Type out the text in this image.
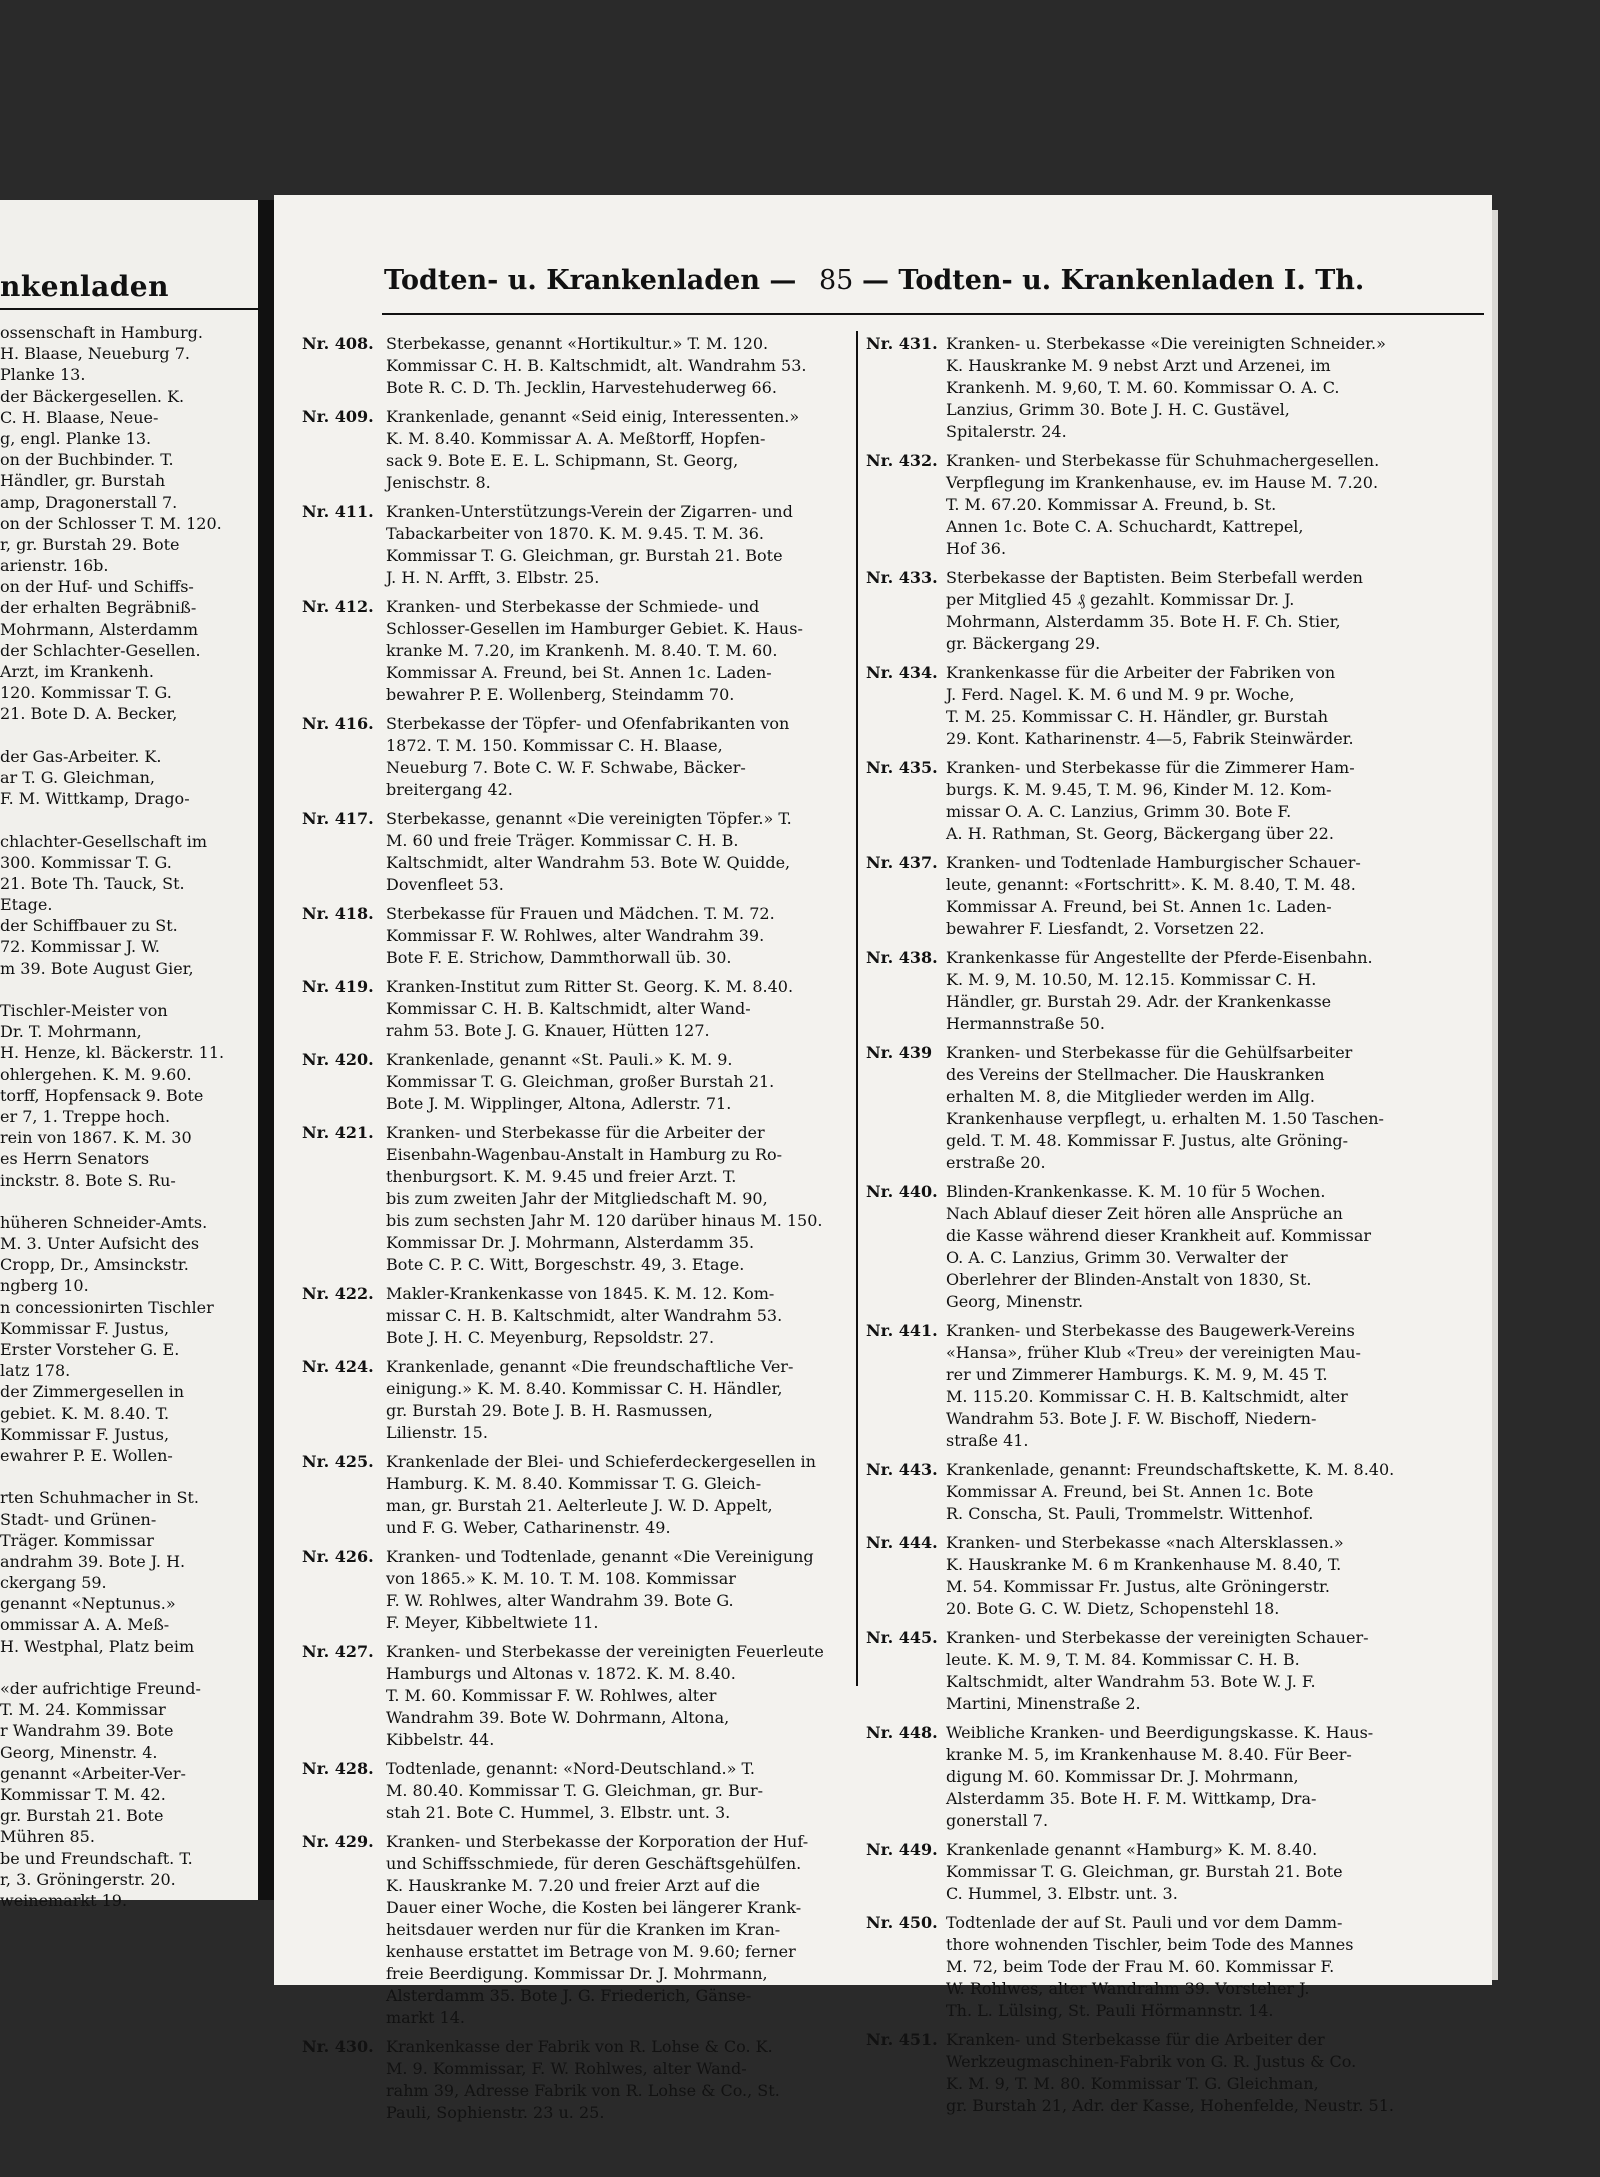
nkenladen
ossenschaft in Hamburg.
H. Blaase, Neueburg 7.
Planke 13.
der Bäckergesellen. K.
C. H. Blaase, Neue-
g, engl. Planke 13.
on der Buchbinder. T.
Händler, gr. Burstah
amp, Dragonerstall 7.
on der Schlosser T. M. 120.
r, gr. Burstah 29. Bote
arienstr. 16b.
on der Huf- und Schiffs-
der erhalten Begräbniß-
Mohrmann, Alsterdamm
der Schlachter-Gesellen.
Arzt, im Krankenh.
120. Kommissar T. G.
21. Bote D. A. Becker,
der Gas-Arbeiter. K.
ar T. G. Gleichman,
F. M. Wittkamp, Drago-
chlachter-Gesellschaft im
300. Kommissar T. G.
21. Bote Th. Tauck, St.
Etage.
der Schiffbauer zu St.
72. Kommissar J. W.
m 39. Bote August Gier,
Tischler-Meister von
Dr. T. Mohrmann,
H. Henze, kl. Bäckerstr. 11.
ohlergehen. K. M. 9.60.
torff, Hopfensack 9. Bote
er 7, 1. Treppe hoch.
rein von 1867. K. M. 30
es Herrn Senators
inckstr. 8. Bote S. Ru-
hüheren Schneider-Amts.
M. 3. Unter Aufsicht des
Cropp, Dr., Amsinckstr.
ngberg 10.
n concessionirten Tischler
Kommissar F. Justus,
Erster Vorsteher G. E.
latz 178.
der Zimmergesellen in
gebiet. K. M. 8.40. T.
Kommissar F. Justus,
ewahrer P. E. Wollen-
rten Schuhmacher in St.
Stadt- und Grünen-
Träger. Kommissar
andrahm 39. Bote J. H.
ckergang 59.
genannt «Neptunus.»
ommissar A. A. Meß-
H. Westphal, Platz beim
«der aufrichtige Freund-
T. M. 24. Kommissar
r Wandrahm 39. Bote
Georg, Minenstr. 4.
genannt «Arbeiter-Ver-
Kommissar T. M. 42.
gr. Burstah 21. Bote
Mühren 85.
be und Freundschaft. T.
r, 3. Gröningerstr. 20.
weinemarkt 19.
Todten- u. Krankenladen — 85 — Todten- u. Krankenladen I. Th.
Nr. 408. Sterbekasse, genannt «Hortikultur.» T. M. 120.
Kommissar C. H. B. Kaltschmidt, alt. Wandrahm 53.
Bote R. C. D. Th. Jecklin, Harvestehuderweg 66.
Nr. 409. Krankenlade, genannt «Seid einig, Interessenten.»
K. M. 8.40. Kommissar A. A. Meßtorff, Hopfen-
sack 9. Bote E. E. L. Schipmann, St. Georg,
Jenischstr. 8.
Nr. 411. Kranken-Unterstützungs-Verein der Zigarren- und
Tabackarbeiter von 1870. K. M. 9.45. T. M. 36.
Kommissar T. G. Gleichman, gr. Burstah 21. Bote
J. H. N. Arfft, 3. Elbstr. 25.
Nr. 412. Kranken- und Sterbekasse der Schmiede- und
Schlosser-Gesellen im Hamburger Gebiet. K. Haus-
kranke M. 7.20, im Krankenh. M. 8.40. T. M. 60.
Kommissar A. Freund, bei St. Annen 1c. Laden-
bewahrer P. E. Wollenberg, Steindamm 70.
Nr. 416. Sterbekasse der Töpfer- und Ofenfabrikanten von
1872. T. M. 150. Kommissar C. H. Blaase,
Neueburg 7. Bote C. W. F. Schwabe, Bäcker-
breitergang 42.
Nr. 417. Sterbekasse, genannt «Die vereinigten Töpfer.» T.
M. 60 und freie Träger. Kommissar C. H. B.
Kaltschmidt, alter Wandrahm 53. Bote W. Quidde,
Dovenfleet 53.
Nr. 418. Sterbekasse für Frauen und Mädchen. T. M. 72.
Kommissar F. W. Rohlwes, alter Wandrahm 39.
Bote F. E. Strichow, Dammthorwall üb. 30.
Nr. 419. Kranken-Institut zum Ritter St. Georg. K. M. 8.40.
Kommissar C. H. B. Kaltschmidt, alter Wand-
rahm 53. Bote J. G. Knauer, Hütten 127.
Nr. 420. Krankenlade, genannt «St. Pauli.» K. M. 9.
Kommissar T. G. Gleichman, großer Burstah 21.
Bote J. M. Wipplinger, Altona, Adlerstr. 71.
Nr. 421. Kranken- und Sterbekasse für die Arbeiter der
Eisenbahn-Wagenbau-Anstalt in Hamburg zu Ro-
thenburgsort. K. M. 9.45 und freier Arzt. T.
bis zum zweiten Jahr der Mitgliedschaft M. 90,
bis zum sechsten Jahr M. 120 darüber hinaus M. 150.
Kommissar Dr. J. Mohrmann, Alsterdamm 35.
Bote C. P. C. Witt, Borgeschstr. 49, 3. Etage.
Nr. 422. Makler-Krankenkasse von 1845. K. M. 12. Kom-
missar C. H. B. Kaltschmidt, alter Wandrahm 53.
Bote J. H. C. Meyenburg, Repsoldstr. 27.
Nr. 424. Krankenlade, genannt «Die freundschaftliche Ver-
einigung.» K. M. 8.40. Kommissar C. H. Händler,
gr. Burstah 29. Bote J. B. H. Rasmussen,
Lilienstr. 15.
Nr. 425. Krankenlade der Blei- und Schieferdeckergesellen in
Hamburg. K. M. 8.40. Kommissar T. G. Gleich-
man, gr. Burstah 21. Aelterleute J. W. D. Appelt,
und F. G. Weber, Catharinenstr. 49.
Nr. 426. Kranken- und Todtenlade, genannt «Die Vereinigung
von 1865.» K. M. 10. T. M. 108. Kommissar
F. W. Rohlwes, alter Wandrahm 39. Bote G.
F. Meyer, Kibbeltwiete 11.
Nr. 427. Kranken- und Sterbekasse der vereinigten Feuerleute
Hamburgs und Altonas v. 1872. K. M. 8.40.
T. M. 60. Kommissar F. W. Rohlwes, alter
Wandrahm 39. Bote W. Dohrmann, Altona,
Kibbelstr. 44.
Nr. 428. Todtenlade, genannt: «Nord-Deutschland.» T.
M. 80.40. Kommissar T. G. Gleichman, gr. Bur-
stah 21. Bote C. Hummel, 3. Elbstr. unt. 3.
Nr. 429. Kranken- und Sterbekasse der Korporation der Huf-
und Schiffsschmiede, für deren Geschäftsgehülfen.
K. Hauskranke M. 7.20 und freier Arzt auf die
Dauer einer Woche, die Kosten bei längerer Krank-
heitsdauer werden nur für die Kranken im Kran-
kenhause erstattet im Betrage von M. 9.60; ferner
freie Beerdigung. Kommissar Dr. J. Mohrmann,
Alsterdamm 35. Bote J. G. Friederich, Gänse-
markt 14.
Nr. 430. Krankenkasse der Fabrik von R. Lohse & Co. K.
M. 9. Kommissar, F. W. Rohlwes, alter Wand-
rahm 39, Adresse Fabrik von R. Lohse & Co., St.
Pauli, Sophienstr. 23 u. 25.
Nr. 431. Kranken- u. Sterbekasse «Die vereinigten Schneider.»
K. Hauskranke M. 9 nebst Arzt und Arzenei, im
Krankenh. M. 9,60, T. M. 60. Kommissar O. A. C.
Lanzius, Grimm 30. Bote J. H. C. Gustävel,
Spitalerstr. 24.
Nr. 432. Kranken- und Sterbekasse für Schuhmachergesellen.
Verpflegung im Krankenhause, ev. im Hause M. 7.20.
T. M. 67.20. Kommissar A. Freund, b. St.
Annen 1c. Bote C. A. Schuchardt, Kattrepel,
Hof 36.
Nr. 433. Sterbekasse der Baptisten. Beim Sterbefall werden
per Mitglied 45 ₰ gezahlt. Kommissar Dr. J.
Mohrmann, Alsterdamm 35. Bote H. F. Ch. Stier,
gr. Bäckergang 29.
Nr. 434. Krankenkasse für die Arbeiter der Fabriken von
J. Ferd. Nagel. K. M. 6 und M. 9 pr. Woche,
T. M. 25. Kommissar C. H. Händler, gr. Burstah
29. Kont. Katharinenstr. 4—5, Fabrik Steinwärder.
Nr. 435. Kranken- und Sterbekasse für die Zimmerer Ham-
burgs. K. M. 9.45, T. M. 96, Kinder M. 12. Kom-
missar O. A. C. Lanzius, Grimm 30. Bote F.
A. H. Rathman, St. Georg, Bäckergang über 22.
Nr. 437. Kranken- und Todtenlade Hamburgischer Schauer-
leute, genannt: «Fortschritt». K. M. 8.40, T. M. 48.
Kommissar A. Freund, bei St. Annen 1c. Laden-
bewahrer F. Liesfandt, 2. Vorsetzen 22.
Nr. 438. Krankenkasse für Angestellte der Pferde-Eisenbahn.
K. M. 9, M. 10.50, M. 12.15. Kommissar C. H.
Händler, gr. Burstah 29. Adr. der Krankenkasse
Hermannstraße 50.
Nr. 439 Kranken- und Sterbekasse für die Gehülfsarbeiter
des Vereins der Stellmacher. Die Hauskranken
erhalten M. 8, die Mitglieder werden im Allg.
Krankenhause verpflegt, u. erhalten M. 1.50 Taschen-
geld. T. M. 48. Kommissar F. Justus, alte Gröning-
erstraße 20.
Nr. 440. Blinden-Krankenkasse. K. M. 10 für 5 Wochen.
Nach Ablauf dieser Zeit hören alle Ansprüche an
die Kasse während dieser Krankheit auf. Kommissar
O. A. C. Lanzius, Grimm 30. Verwalter der
Oberlehrer der Blinden-Anstalt von 1830, St.
Georg, Minenstr.
Nr. 441. Kranken- und Sterbekasse des Baugewerk-Vereins
«Hansa», früher Klub «Treu» der vereinigten Mau-
rer und Zimmerer Hamburgs. K. M. 9, M. 45 T.
M. 115.20. Kommissar C. H. B. Kaltschmidt, alter
Wandrahm 53. Bote J. F. W. Bischoff, Niedern-
straße 41.
Nr. 443. Krankenlade, genannt: Freundschaftskette, K. M. 8.40.
Kommissar A. Freund, bei St. Annen 1c. Bote
R. Conscha, St. Pauli, Trommelstr. Wittenhof.
Nr. 444. Kranken- und Sterbekasse «nach Altersklassen.»
K. Hauskranke M. 6 m Krankenhause M. 8.40, T.
M. 54. Kommissar Fr. Justus, alte Gröningerstr.
20. Bote G. C. W. Dietz, Schopenstehl 18.
Nr. 445. Kranken- und Sterbekasse der vereinigten Schauer-
leute. K. M. 9, T. M. 84. Kommissar C. H. B.
Kaltschmidt, alter Wandrahm 53. Bote W. J. F.
Martini, Minenstraße 2.
Nr. 448. Weibliche Kranken- und Beerdigungskasse. K. Haus-
kranke M. 5, im Krankenhause M. 8.40. Für Beer-
digung M. 60. Kommissar Dr. J. Mohrmann,
Alsterdamm 35. Bote H. F. M. Wittkamp, Dra-
gonerstall 7.
Nr. 449. Krankenlade genannt «Hamburg» K. M. 8.40.
Kommissar T. G. Gleichman, gr. Burstah 21. Bote
C. Hummel, 3. Elbstr. unt. 3.
Nr. 450. Todtenlade der auf St. Pauli und vor dem Damm-
thore wohnenden Tischler, beim Tode des Mannes
M. 72, beim Tode der Frau M. 60. Kommissar F.
W. Rohlwes, alter Wandrahm 39. Vorsteher J.
Th. L. Lülsing, St. Pauli Hörmannstr. 14.
Nr. 451. Kranken- und Sterbekasse für die Arbeiter der
Werkzeugmaschinen-Fabrik von G. R. Justus & Co.
K. M. 9, T. M. 80. Kommissar T. G. Gleichman,
gr. Burstah 21, Adr. der Kasse, Hohenfelde, Neustr. 51.
